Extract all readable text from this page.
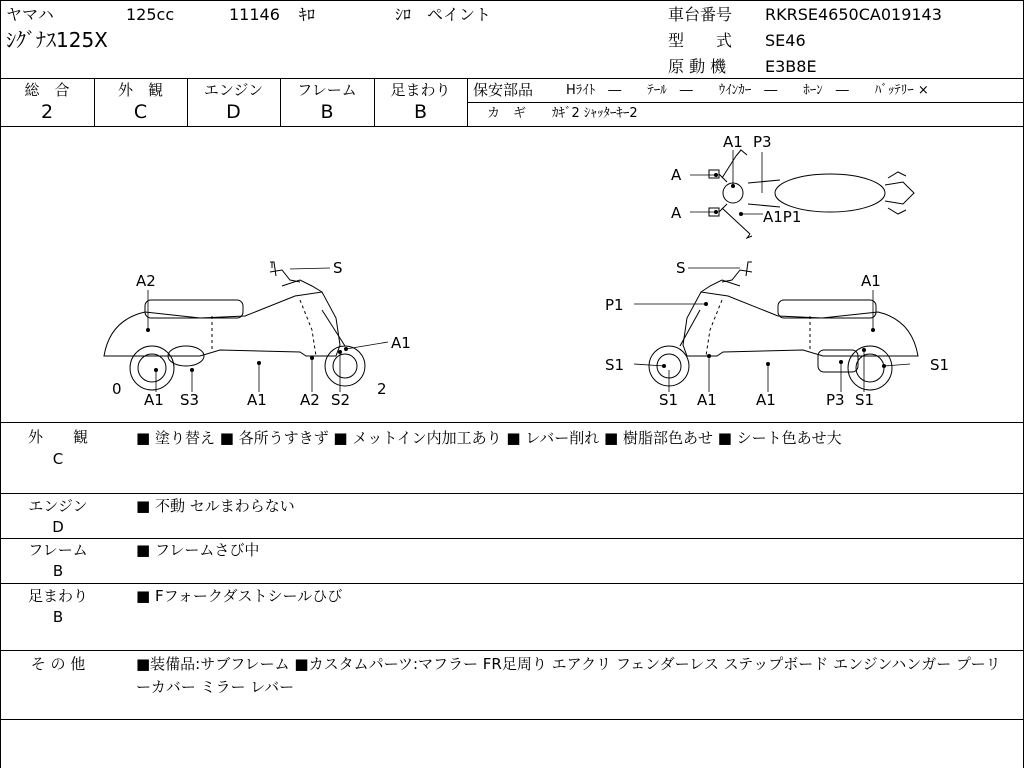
ヤマハ	125cc	11146 ｷﾛ	ｼﾛ　ペイント
ｼｸﾞﾅｽ125X
車台番号 RKRSE4650CA019143
型　　式 SE46
原 動 機 E3B8E
総　合	外　観	エンジン	フレーム	足まわり
2	C	D	B	B
保安部品	Hﾗｲﾄ　―　　ﾃｰﾙ　―　　ｳｲﾝｶｰ　―　　ﾎｰﾝ　―　　ﾊﾞｯﾃﾘｰ ×
カ　ギ　　ｶｷﾞ2 ｼｬｯﾀｰｷｰ2
A1 P3
A
A	A1P1
A2
S
A1
0	2
A1 S3	A1 A2 S2
S
P1
A1
S1	S1
S1 A1	A1	P3 S1
外　　観
C
■ 塗り替え ■ 各所うすきず ■ メットイン内加工あり ■ レバー削れ ■ 樹脂部色あせ ■ シート色あせ大
エンジン
D
■ 不動 セルまわらない
フレーム
B
■ フレームさび中
足まわり
B
■ Fフォークダストシールひび
そ の 他	■装備品:サブフレーム ■カスタムパーツ:マフラー FR足周り エアクリ フェンダーレス ステップボード エンジンハンガー プーリーカバー ミラー レバー
